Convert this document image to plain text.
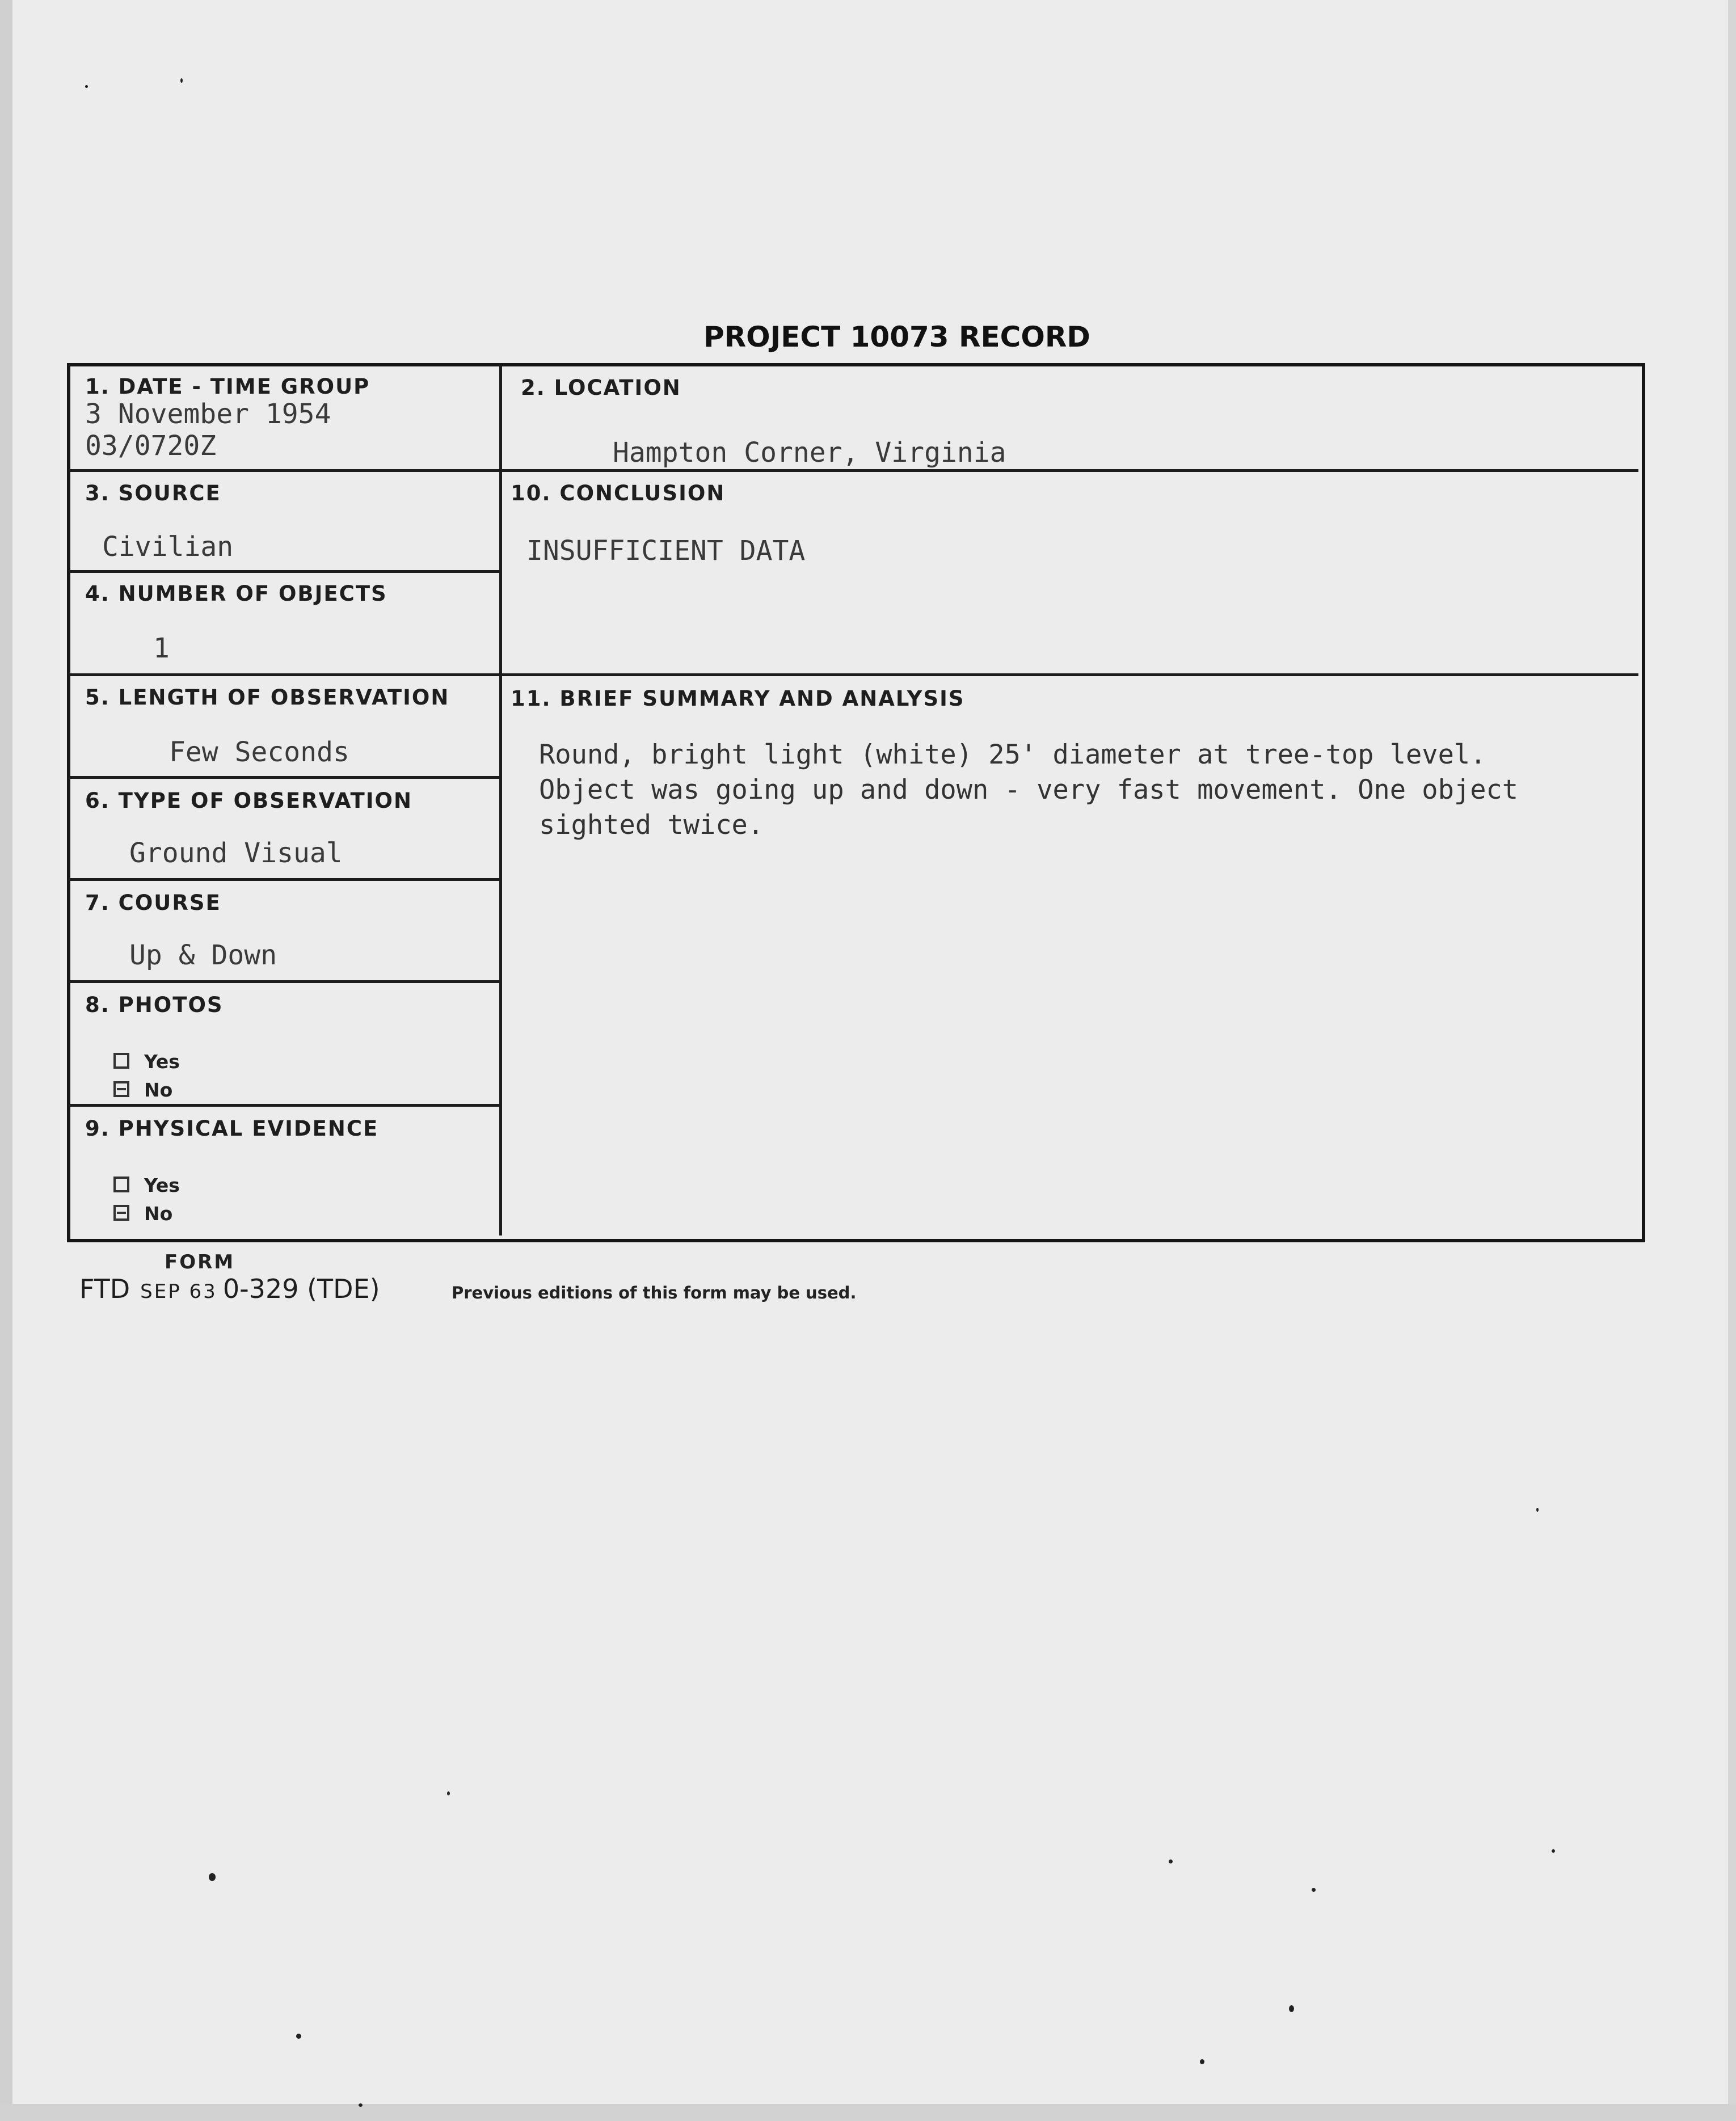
PROJECT 10073 RECORD
1. DATE - TIME GROUP
3 November 1954
03/0720Z
2. LOCATION
Hampton Corner, Virginia
3. SOURCE
Civilian
10. CONCLUSION
INSUFFICIENT DATA
4. NUMBER OF OBJECTS
1
5. LENGTH OF OBSERVATION
Few Seconds
11. BRIEF SUMMARY AND ANALYSIS
Round, bright light (white) 25' diameter at tree-top level.
Object was going up and down - very fast movement. One object
sighted twice.
6. TYPE OF OBSERVATION
Ground Visual
7. COURSE
Up & Down
8. PHOTOS
Yes
No
9. PHYSICAL EVIDENCE
Yes
No
FORM
FTD SEP 63 0-329 (TDE)	Previous editions of this form may be used.
